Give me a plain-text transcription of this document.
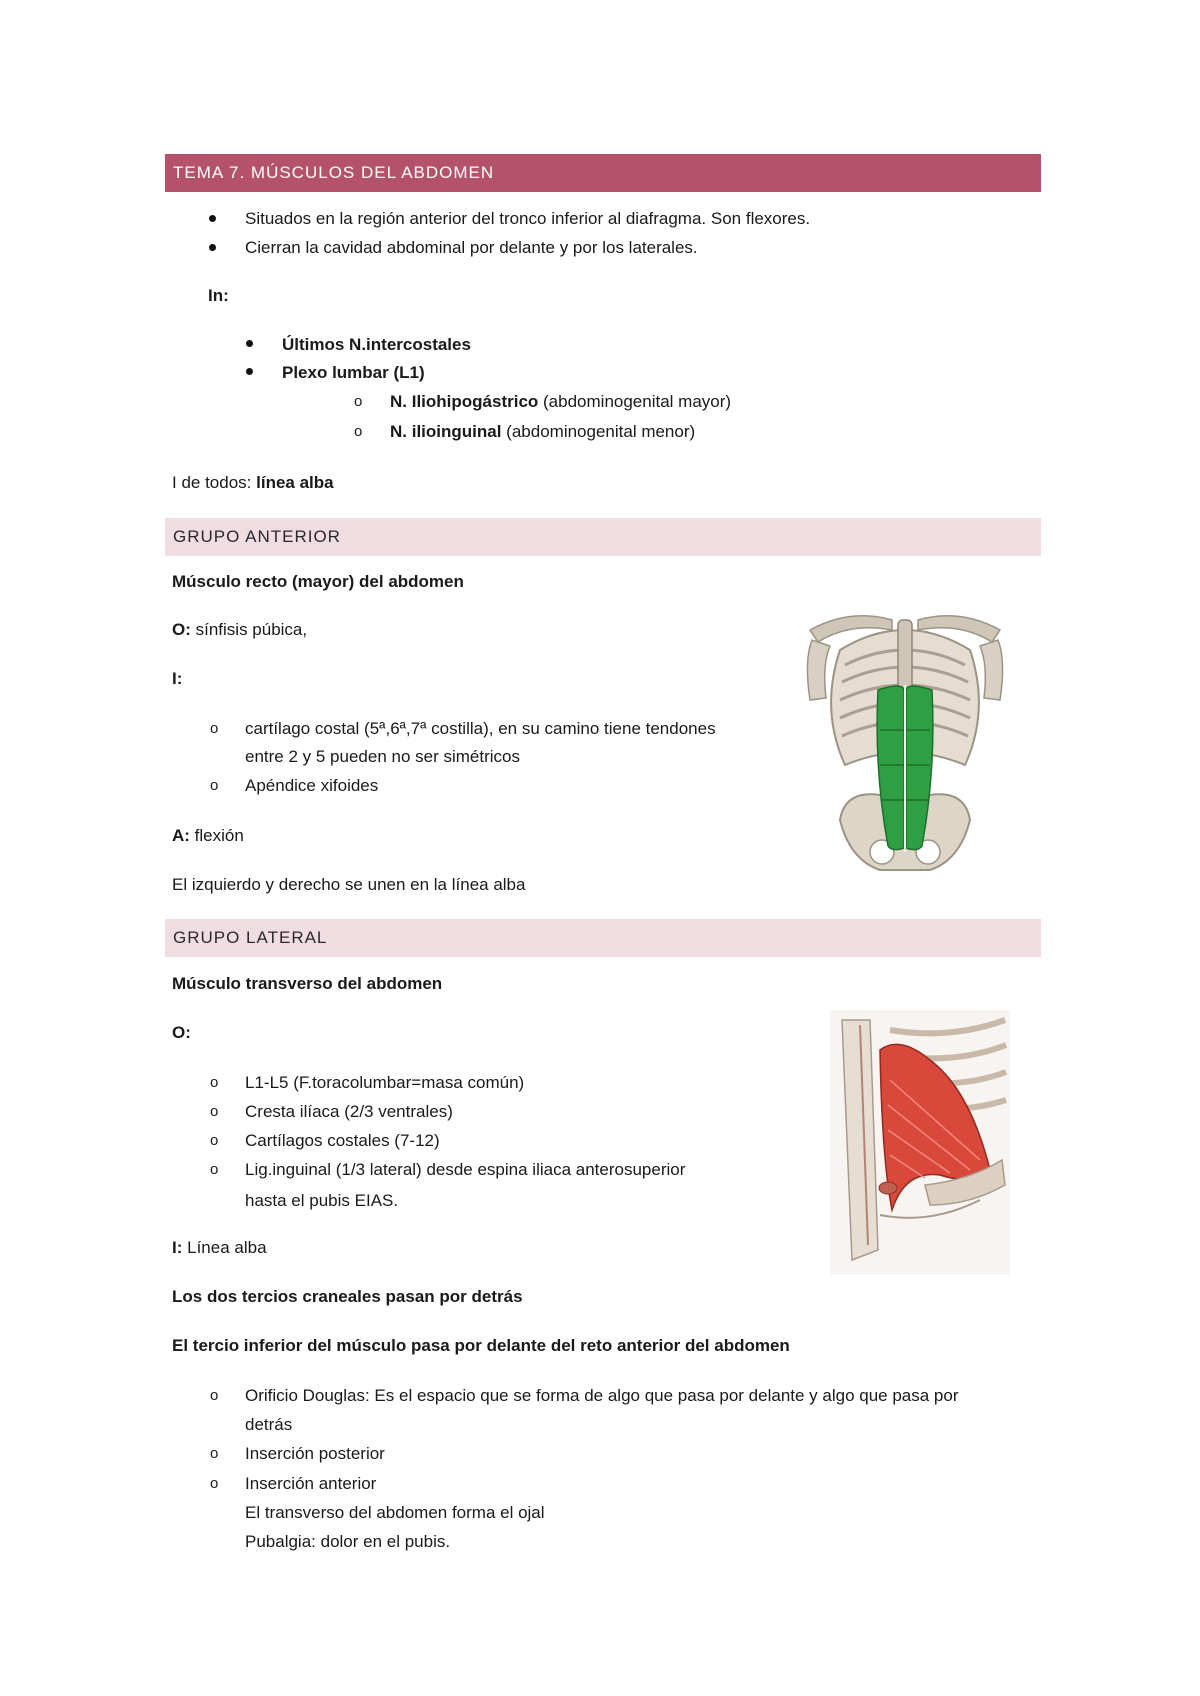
TEMA 7. MÚSCULOS DEL ABDOMEN
Situados en la región anterior del tronco inferior al diafragma. Son flexores.
Cierran la cavidad abdominal por delante y por los laterales.
In:
Últimos N.intercostales
Plexo lumbar (L1)
o N. Iliohipogástrico (abdominogenital mayor)
o N. ilioinguinal (abdominogenital menor)
I de todos: línea alba
GRUPO ANTERIOR
Músculo recto (mayor) del abdomen
O: sínfisis púbica,
I:
o cartílago costal (5ª,6ª,7ª costilla), en su camino tiene tendones
entre 2 y 5 pueden no ser simétricos
o Apéndice xifoides
A: flexión
El izquierdo y derecho se unen en la línea alba
GRUPO LATERAL
Músculo transverso del abdomen
O:
o L1-L5 (F.toracolumbar=masa común)
o Cresta ilíaca (2/3 ventrales)
o Cartílagos costales (7-12)
o Lig.inguinal (1/3 lateral) desde espina iliaca anterosuperior
hasta el pubis EIAS.
I: Línea alba
Los dos tercios craneales pasan por detrás
El tercio inferior del músculo pasa por delante del reto anterior del abdomen
o Orificio Douglas: Es el espacio que se forma de algo que pasa por delante y algo que pasa por
detrás
o Inserción posterior
o Inserción anterior
El transverso del abdomen forma el ojal
Pubalgia: dolor en el pubis.
